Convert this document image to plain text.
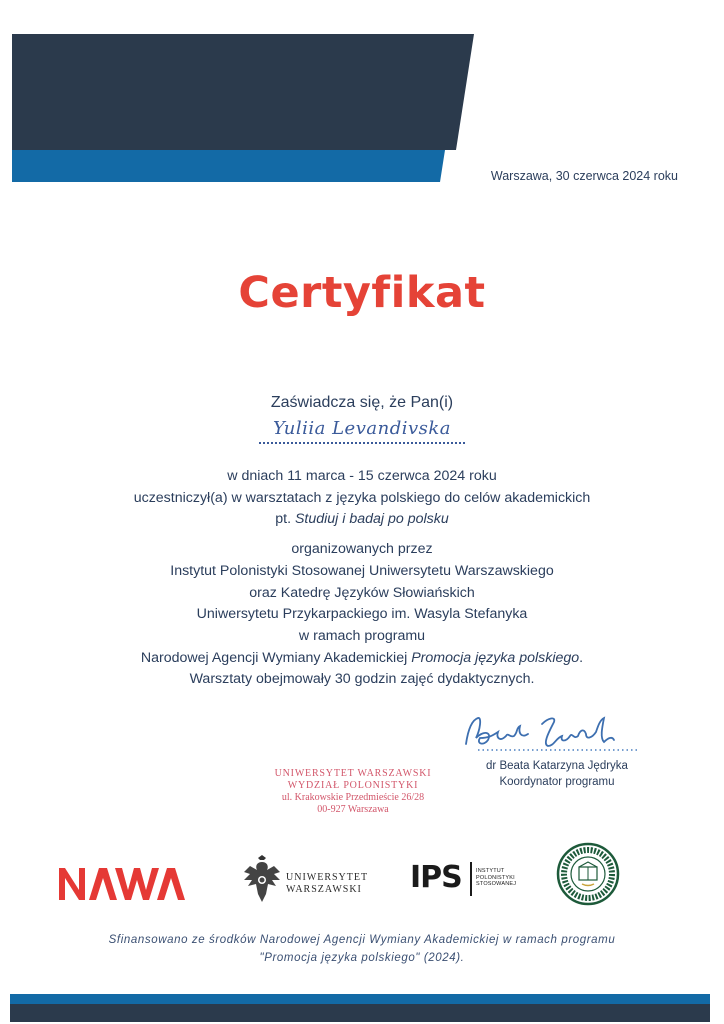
Warszawa, 30 czerwca 2024 roku
Certyfikat
Zaświadcza się, że Pan(i)
Yuliia Levandivska

w dniach 11 marca - 15 czerwca 2024 roku

uczestniczył(a) w warsztatach z języka polskiego do celów akademickich

pt. Studiuj i badaj po polsku

organizowanych przez

Instytut Polonistyki Stosowanej Uniwersytetu Warszawskiego

oraz Katedrę Języków Słowiańskich

Uniwersytetu Przykarpackiego im. Wasyla Stefanyka

w ramach programu

Narodowej Agencji Wymiany Akademickiej Promocja języka polskiego.

Warsztaty obejmowały 30 godzin zajęć dydaktycznych.

dr Beata Katarzyna Jędryka
Koordynator programu
UNIWERSYTET WARSZAWSKI
WYDZIAŁ POLONISTYKI
ul. Krakowskie Przedmieście 26/28
00-927 Warszawa
UNIWERSYTET
WARSZAWSKI IPS	INSTYTUT
POLONISTYKI
STOSOWANEJ
Sfinansowano ze środków Narodowej Agencji Wymiany Akademickiej w ramach programu
"Promocja języka polskiego" (2024).
